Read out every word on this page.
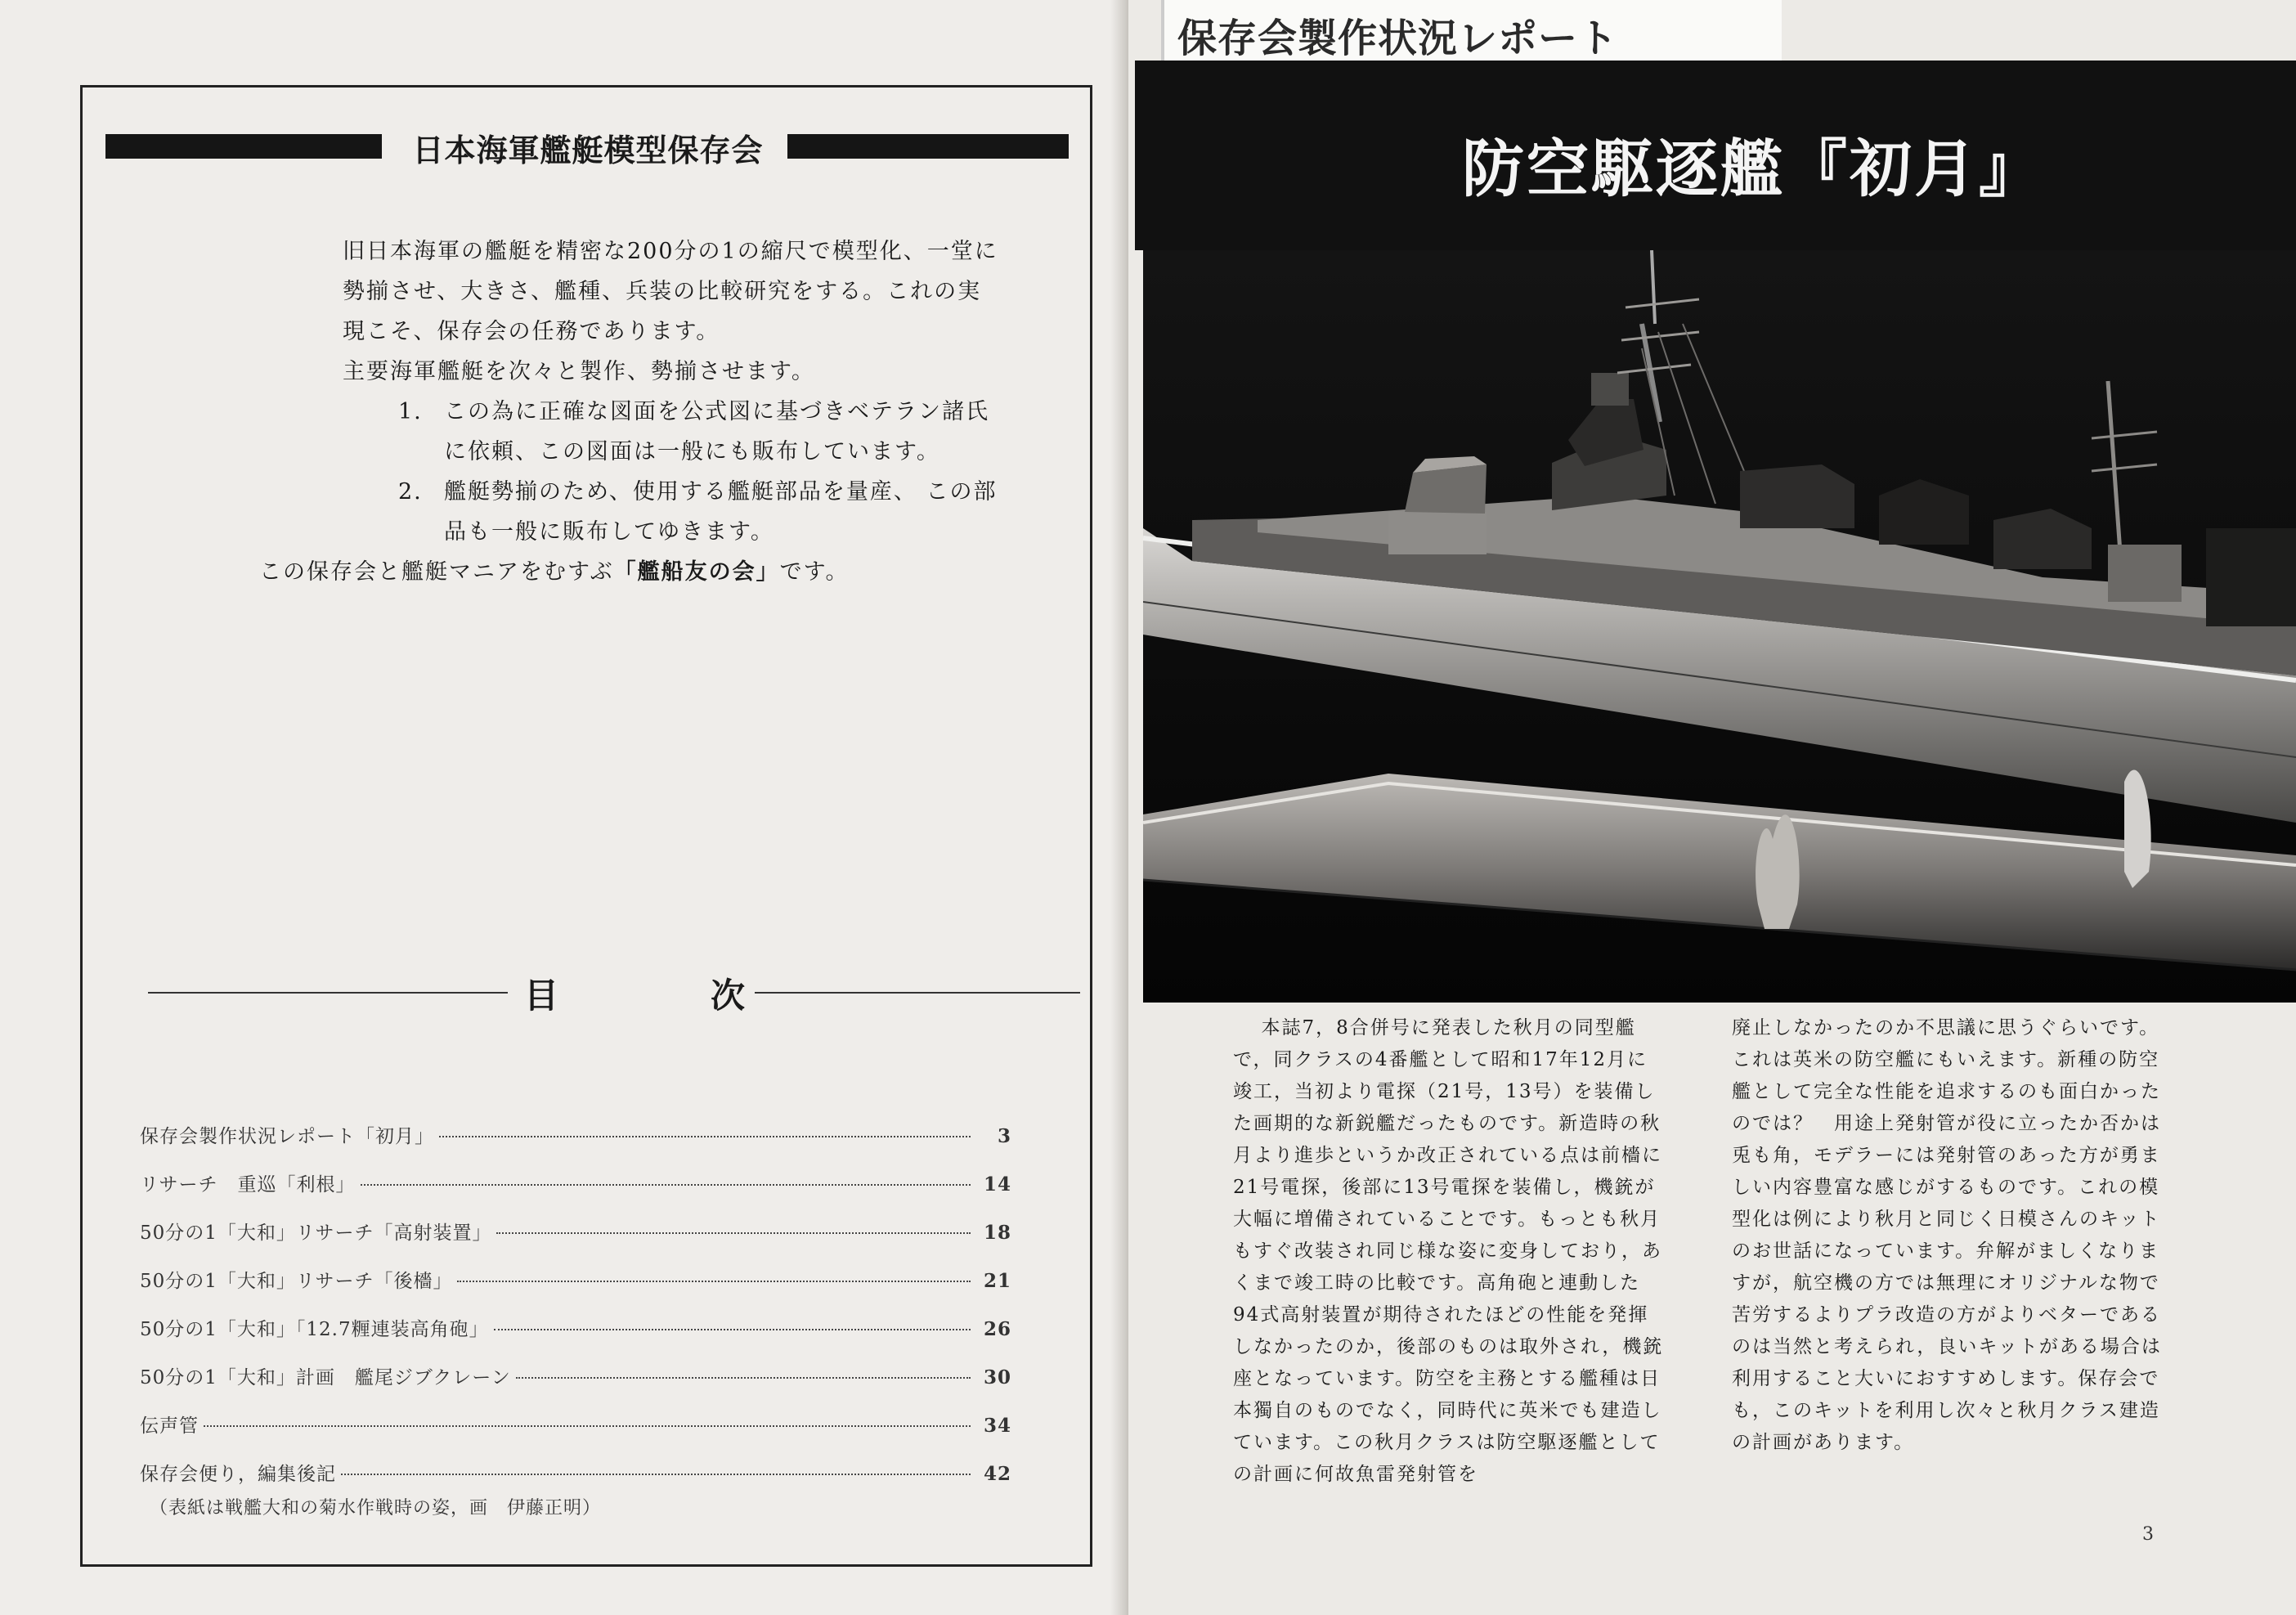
日本海軍艦艇模型保存会

旧日本海軍の艦艇を精密な200分の1の縮尺で模型化、一堂に勢揃させ、大きさ、艦種、兵装の比較研究をする。これの実現こそ、保存会の任務であります。

主要海軍艦艇を次々と製作、勢揃させます。

1. この為に正確な図面を公式図に基づきベテラン諸氏に依頼、この図面は一般にも販布しています。
2. 艦艇勢揃のため、使用する艦艇部品を量産、 この部品も一般に販布してゆきます。

この保存会と艦艇マニアをむすぶ「艦船友の会」です。

目	次
保存会製作状況レポート「初月」	3
リサーチ　重巡「利根」	14
50分の1「大和」リサーチ「高射装置」	18
50分の1「大和」リサーチ「後檣」	21
50分の1「大和」「12.7糎連装高角砲」	26
50分の1「大和」計画　艦尾ジブクレーン	30
伝声管	34
保存会便り，編集後記	42
（表紙は戦艦大和の菊水作戦時の姿，画　伊藤正明）
防空駆逐艦『初月』
保存会製作状況レポート

本誌7，8合併号に発表した秋月の同型艦で，同クラスの4番艦として昭和17年12月に竣工，当初より電探（21号，13号）を装備した画期的な新鋭艦だったものです。新造時の秋月より進歩というか改正されている点は前檣に21号電探，後部に13号電探を装備し，機銃が大幅に増備されていることです。もっとも秋月もすぐ改装され同じ様な姿に変身しており，あくまで竣工時の比較です。高角砲と連動した94式高射装置が期待されたほどの性能を発揮しなかったのか，後部のものは取外され，機銃座となっています。防空を主務とする艦種は日本獨自のものでなく，同時代に英米でも建造しています。この秋月クラスは防空駆逐艦としての計画に何故魚雷発射管を

廃止しなかったのか不思議に思うぐらいです。これは英米の防空艦にもいえます。新種の防空艦として完全な性能を追求するのも面白かったのでは？　用途上発射管が役に立ったか否かは兎も角，モデラーには発射管のあった方が勇ましい内容豊富な感じがするものです。これの模型化は例により秋月と同じく日模さんのキットのお世話になっています。弁解がましくなりますが，航空機の方では無理にオリジナルな物で苦労するよりプラ改造の方がよりベターであるのは当然と考えられ，良いキットがある場合は利用すること大いにおすすめします。保存会でも，このキットを利用し次々と秋月クラス建造の計画があります。

3
